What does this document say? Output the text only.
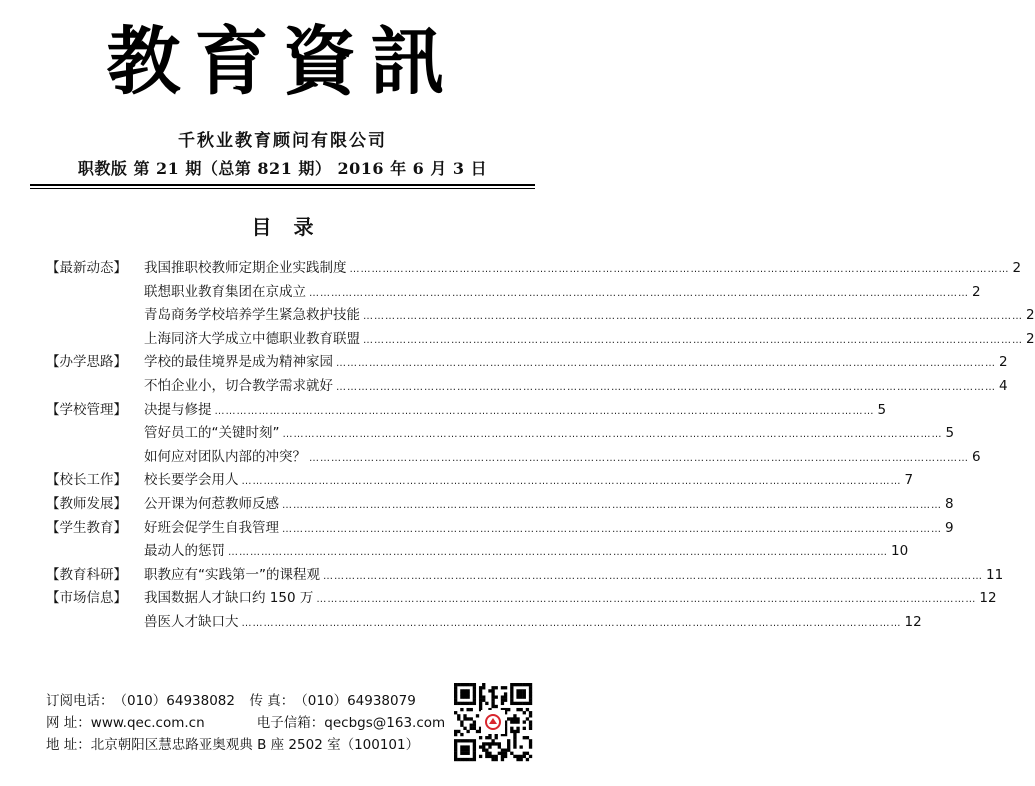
教育資訊
千秋业教育顾问有限公司
职教版 第 21 期（总第 821 期） 2016 年 6 月 3 日
目录
【最新动态】	我国推职校教师定期企业实践制度 ……………………………………………………………………………………………………………………………………………………………… 2
联想职业教育集团在京成立 ……………………………………………………………………………………………………………………………………………………………… 2
青岛商务学校培养学生紧急救护技能 ……………………………………………………………………………………………………………………………………………………………… 2
上海同济大学成立中德职业教育联盟 ……………………………………………………………………………………………………………………………………………………………… 2
【办学思路】	学校的最佳境界是成为精神家园 ……………………………………………………………………………………………………………………………………………………………… 2
不怕企业小，切合教学需求就好 ……………………………………………………………………………………………………………………………………………………………… 4
【学校管理】	决提与修提 ……………………………………………………………………………………………………………………………………………………………… 5
管好员工的“关键时刻” ……………………………………………………………………………………………………………………………………………………………… 5
如何应对团队内部的冲突？ ……………………………………………………………………………………………………………………………………………………………… 6
【校长工作】	校长要学会用人 ……………………………………………………………………………………………………………………………………………………………… 7
【教师发展】	公开课为何惹教师反感 ……………………………………………………………………………………………………………………………………………………………… 8
【学生教育】	好班会促学生自我管理 ……………………………………………………………………………………………………………………………………………………………… 9
最动人的惩罚 ……………………………………………………………………………………………………………………………………………………………… 10
【教育科研】	职教应有“实践第一”的课程观 ……………………………………………………………………………………………………………………………………………………………… 11
【市场信息】	我国数据人才缺口约 150 万 ……………………………………………………………………………………………………………………………………………………………… 12
兽医人才缺口大 ……………………………………………………………………………………………………………………………………………………………… 12
订阅电话：（010）64938082 传 真：（010）64938079
网 址：www.qec.com.cn	电子信箱：qecbgs@163.com
地 址：北京朝阳区慧忠路亚奥观典 B 座 2502 室（100101）
